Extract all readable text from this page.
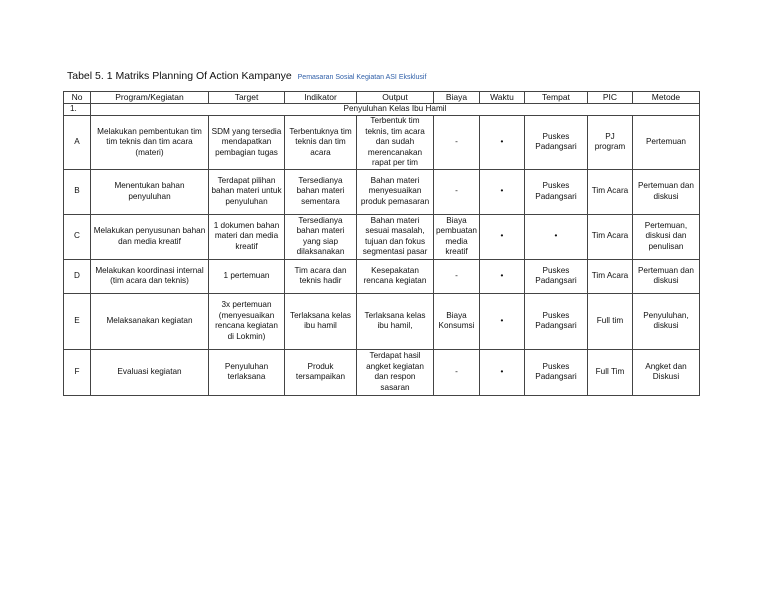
Tabel 5. 1 Matriks Planning Of Action Kampanye Pemasaran Sosial Kegiatan ASI Eksklusif
No	Program/Kegiatan	Target	Indikator	Output	Biaya	Waktu	Tempat	PIC	Metode
1.	Penyuluhan Kelas Ibu Hamil								
A	Melakukan pembentukan tim tim teknis dan tim acara (materi)	SDM yang tersedia mendapatkan pembagian tugas	Terbentuknya tim teknis dan tim acara	Terbentuk tim teknis, tim acara dan sudah merencanakan rapat per tim	-	•	Puskes Padangsari	PJ program	Pertemuan
B	Menentukan bahan penyuluhan	Terdapat pilihan bahan materi untuk penyuluhan	Tersedianya bahan materi sementara	Bahan materi menyesuaikan produk pemasaran	-	•	Puskes Padangsari	Tim Acara	Pertemuan dan diskusi
C	Melakukan penyusunan bahan dan media kreatif	1 dokumen bahan materi dan media kreatif	Tersedianya bahan materi yang siap dilaksanakan	Bahan materi sesuai masalah, tujuan dan fokus segmentasi pasar	Biaya pembuatan media kreatif	•	•	Tim Acara	Pertemuan, diskusi dan penulisan
D	Melakukan koordinasi internal (tim acara dan teknis)	1 pertemuan	Tim acara dan teknis hadir	Kesepakatan rencana kegiatan	-	•	Puskes Padangsari	Tim Acara	Pertemuan dan diskusi
E	Melaksanakan kegiatan	3x pertemuan (menyesuaikan rencana kegiatan di Lokmin)	Terlaksana kelas ibu hamil	Terlaksana kelas ibu hamil,	Biaya Konsumsi	•	Puskes Padangsari	Full tim	Penyuluhan, diskusi
F	Evaluasi kegiatan	Penyuluhan terlaksana	Produk tersampaikan	Terdapat hasil angket kegiatan dan respon sasaran	-	•	Puskes Padangsari	Full Tim	Angket dan Diskusi
